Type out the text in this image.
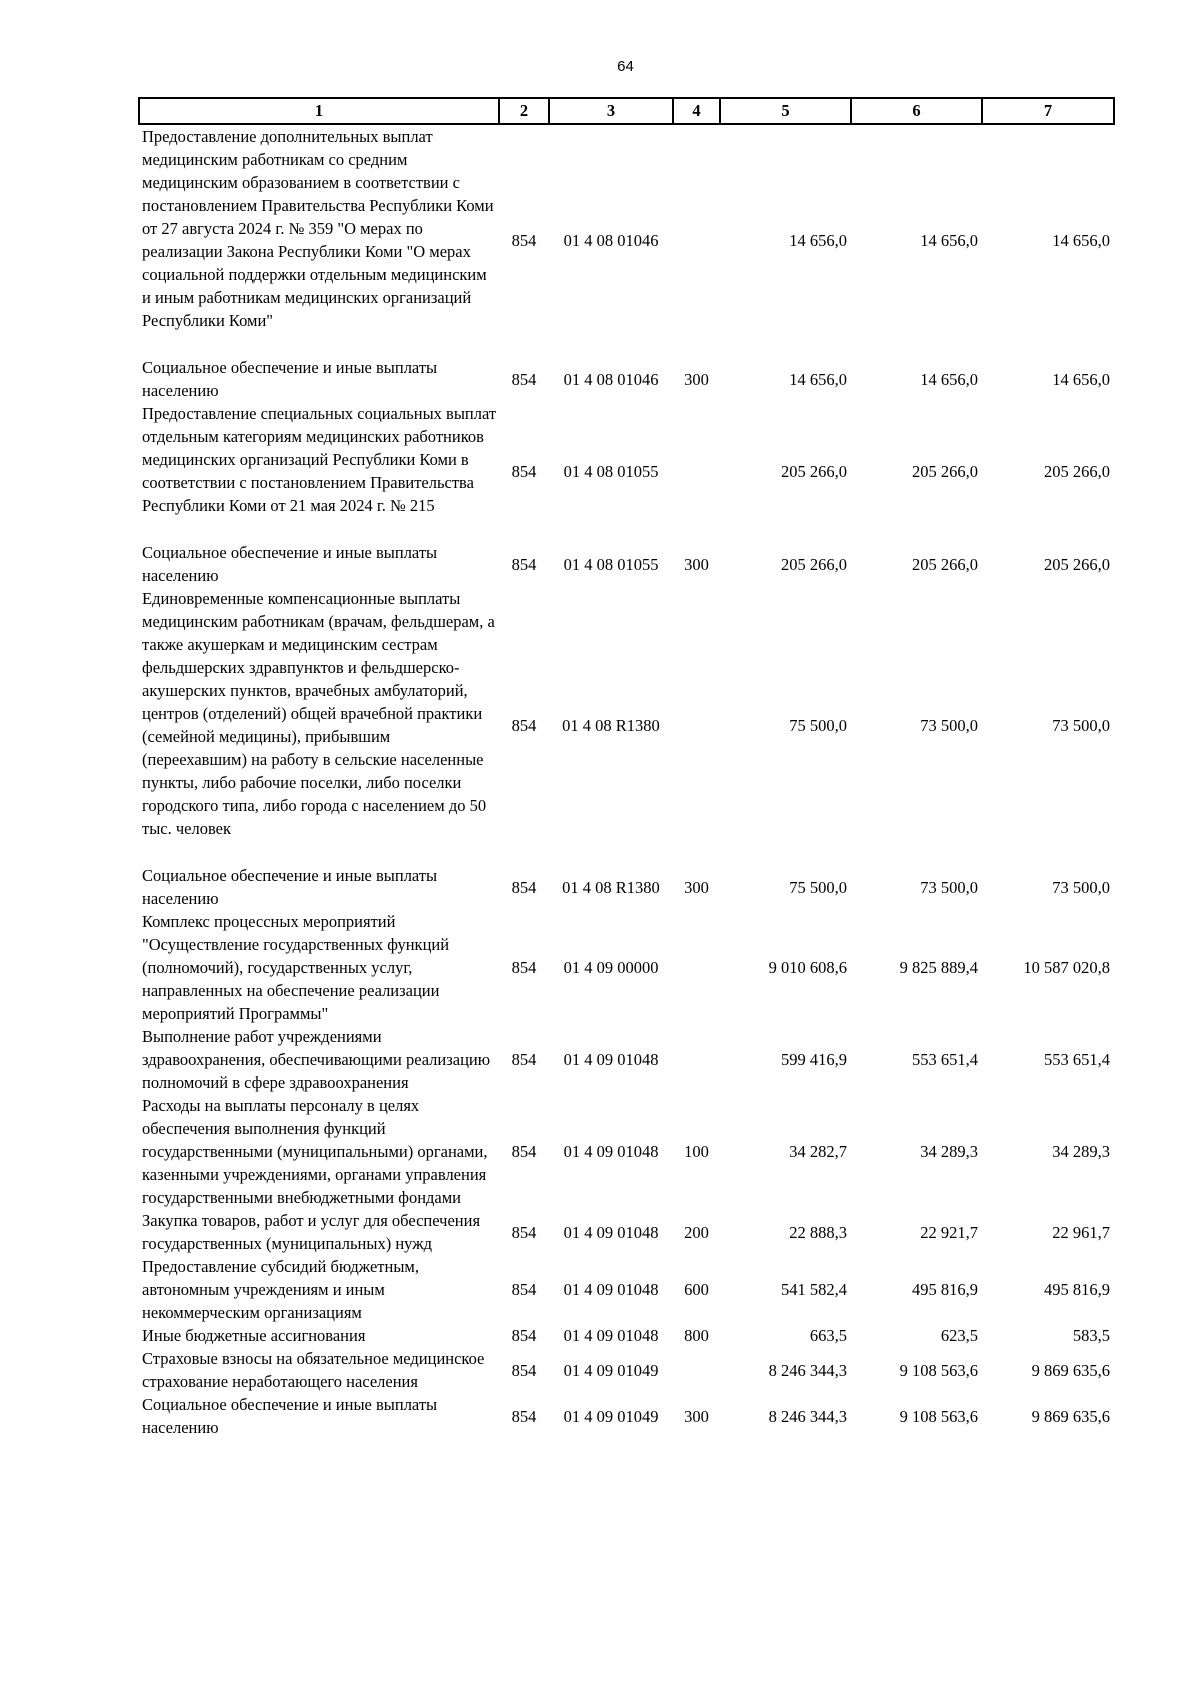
64
1	2	3	4	5	6	7
Предоставление дополнительных выплат медицинским работникам со средним медицинским образованием в соответствии с постановлением Правительства Республики Коми от 27 августа 2024 г. № 359 "О мерах по реализации Закона Республики Коми "О мерах социальной поддержки отдельным медицинским и иным работникам медицинских организаций Республики Коми"	854	01 4 08 01046		14 656,0	14 656,0	14 656,0
Социальное обеспечение и иные выплаты населению	854	01 4 08 01046	300	14 656,0	14 656,0	14 656,0
Предоставление специальных социальных выплат отдельным категориям медицинских работников медицинских организаций Республики Коми в соответствии с постановлением Правительства Республики Коми от 21 мая 2024 г. № 215	854	01 4 08 01055		205 266,0	205 266,0	205 266,0
Социальное обеспечение и иные выплаты населению	854	01 4 08 01055	300	205 266,0	205 266,0	205 266,0
Единовременные компенсационные выплаты медицинским работникам (врачам, фельдшерам, а также акушеркам и медицинским сестрам фельдшерских здравпунктов и фельдшерско-акушерских пунктов, врачебных амбулаторий, центров (отделений) общей врачебной практики (семейной медицины), прибывшим (переехавшим) на работу в сельские населенные пункты, либо рабочие поселки, либо поселки городского типа, либо города с населением до 50 тыс. человек	854	01 4 08 R1380		75 500,0	73 500,0	73 500,0
Социальное обеспечение и иные выплаты населению	854	01 4 08 R1380	300	75 500,0	73 500,0	73 500,0
Комплекс процессных мероприятий "Осуществление государственных функций (полномочий), государственных услуг, направленных на обеспечение реализации мероприятий Программы"	854	01 4 09 00000		9 010 608,6	9 825 889,4	10 587 020,8
Выполнение работ учреждениями здравоохранения, обеспечивающими реализацию полномочий в сфере здравоохранения	854	01 4 09 01048		599 416,9	553 651,4	553 651,4
Расходы на выплаты персоналу в целях обеспечения выполнения функций государственными (муниципальными) органами, казенными учреждениями, органами управления государственными внебюджетными фондами	854	01 4 09 01048	100	34 282,7	34 289,3	34 289,3
Закупка товаров, работ и услуг для обеспечения государственных (муниципальных) нужд	854	01 4 09 01048	200	22 888,3	22 921,7	22 961,7
Предоставление субсидий бюджетным, автономным учреждениям и иным некоммерческим организациям	854	01 4 09 01048	600	541 582,4	495 816,9	495 816,9
Иные бюджетные ассигнования	854	01 4 09 01048	800	663,5	623,5	583,5
Страховые взносы на обязательное медицинское страхование неработающего населения	854	01 4 09 01049		8 246 344,3	9 108 563,6	9 869 635,6
Социальное обеспечение и иные выплаты населению	854	01 4 09 01049	300	8 246 344,3	9 108 563,6	9 869 635,6
